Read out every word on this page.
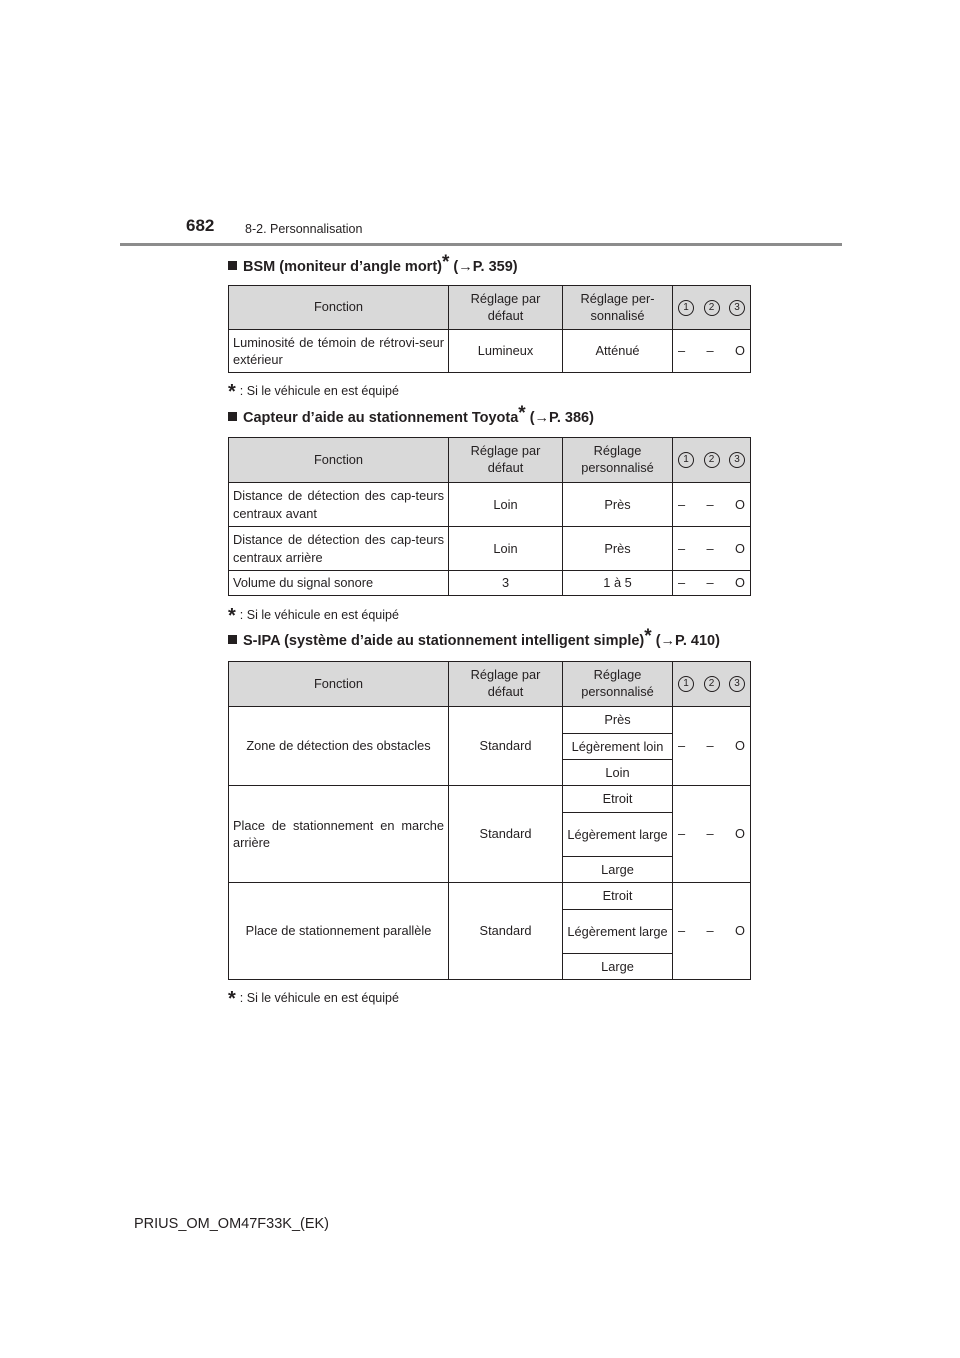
682 8-2. Personnalisation
BSM (moniteur d’angle mort)* (→P. 359)
Fonction	Réglage par défaut	Réglage per-sonnalisé	1 2 3

Luminosité de témoin de rétrovi-seur extérieur	Lumineux	Atténué	– – O
* : Si le véhicule en est équipé
Capteur d’aide au stationnement Toyota* (→P. 386)
Fonction	Réglage par défaut	Réglage personnalisé	1 2 3

Distance de détection des cap-teurs centraux avant	Loin	Près	– – O

Distance de détection des cap-teurs centraux arrière	Loin	Près	– – O

Volume du signal sonore	3	1 à 5	– – O
* : Si le véhicule en est équipé
S-IPA (système d’aide au stationnement intelligent simple)* (→P. 410)
Fonction	Réglage par défaut	Réglage personnalisé	1 2 3

Zone de détection des obstacles	Standard	Près	– – O

		Légèrement loin	
		Loin	
Place de stationnement en marche arrière	Standard	Etroit	– – O

		Légèrement large	
		Large	
Place de stationnement parallèle	Standard	Etroit	– – O

		Légèrement large	
		Large	
* : Si le véhicule en est équipé
PRIUS_OM_OM47F33K_(EK)
